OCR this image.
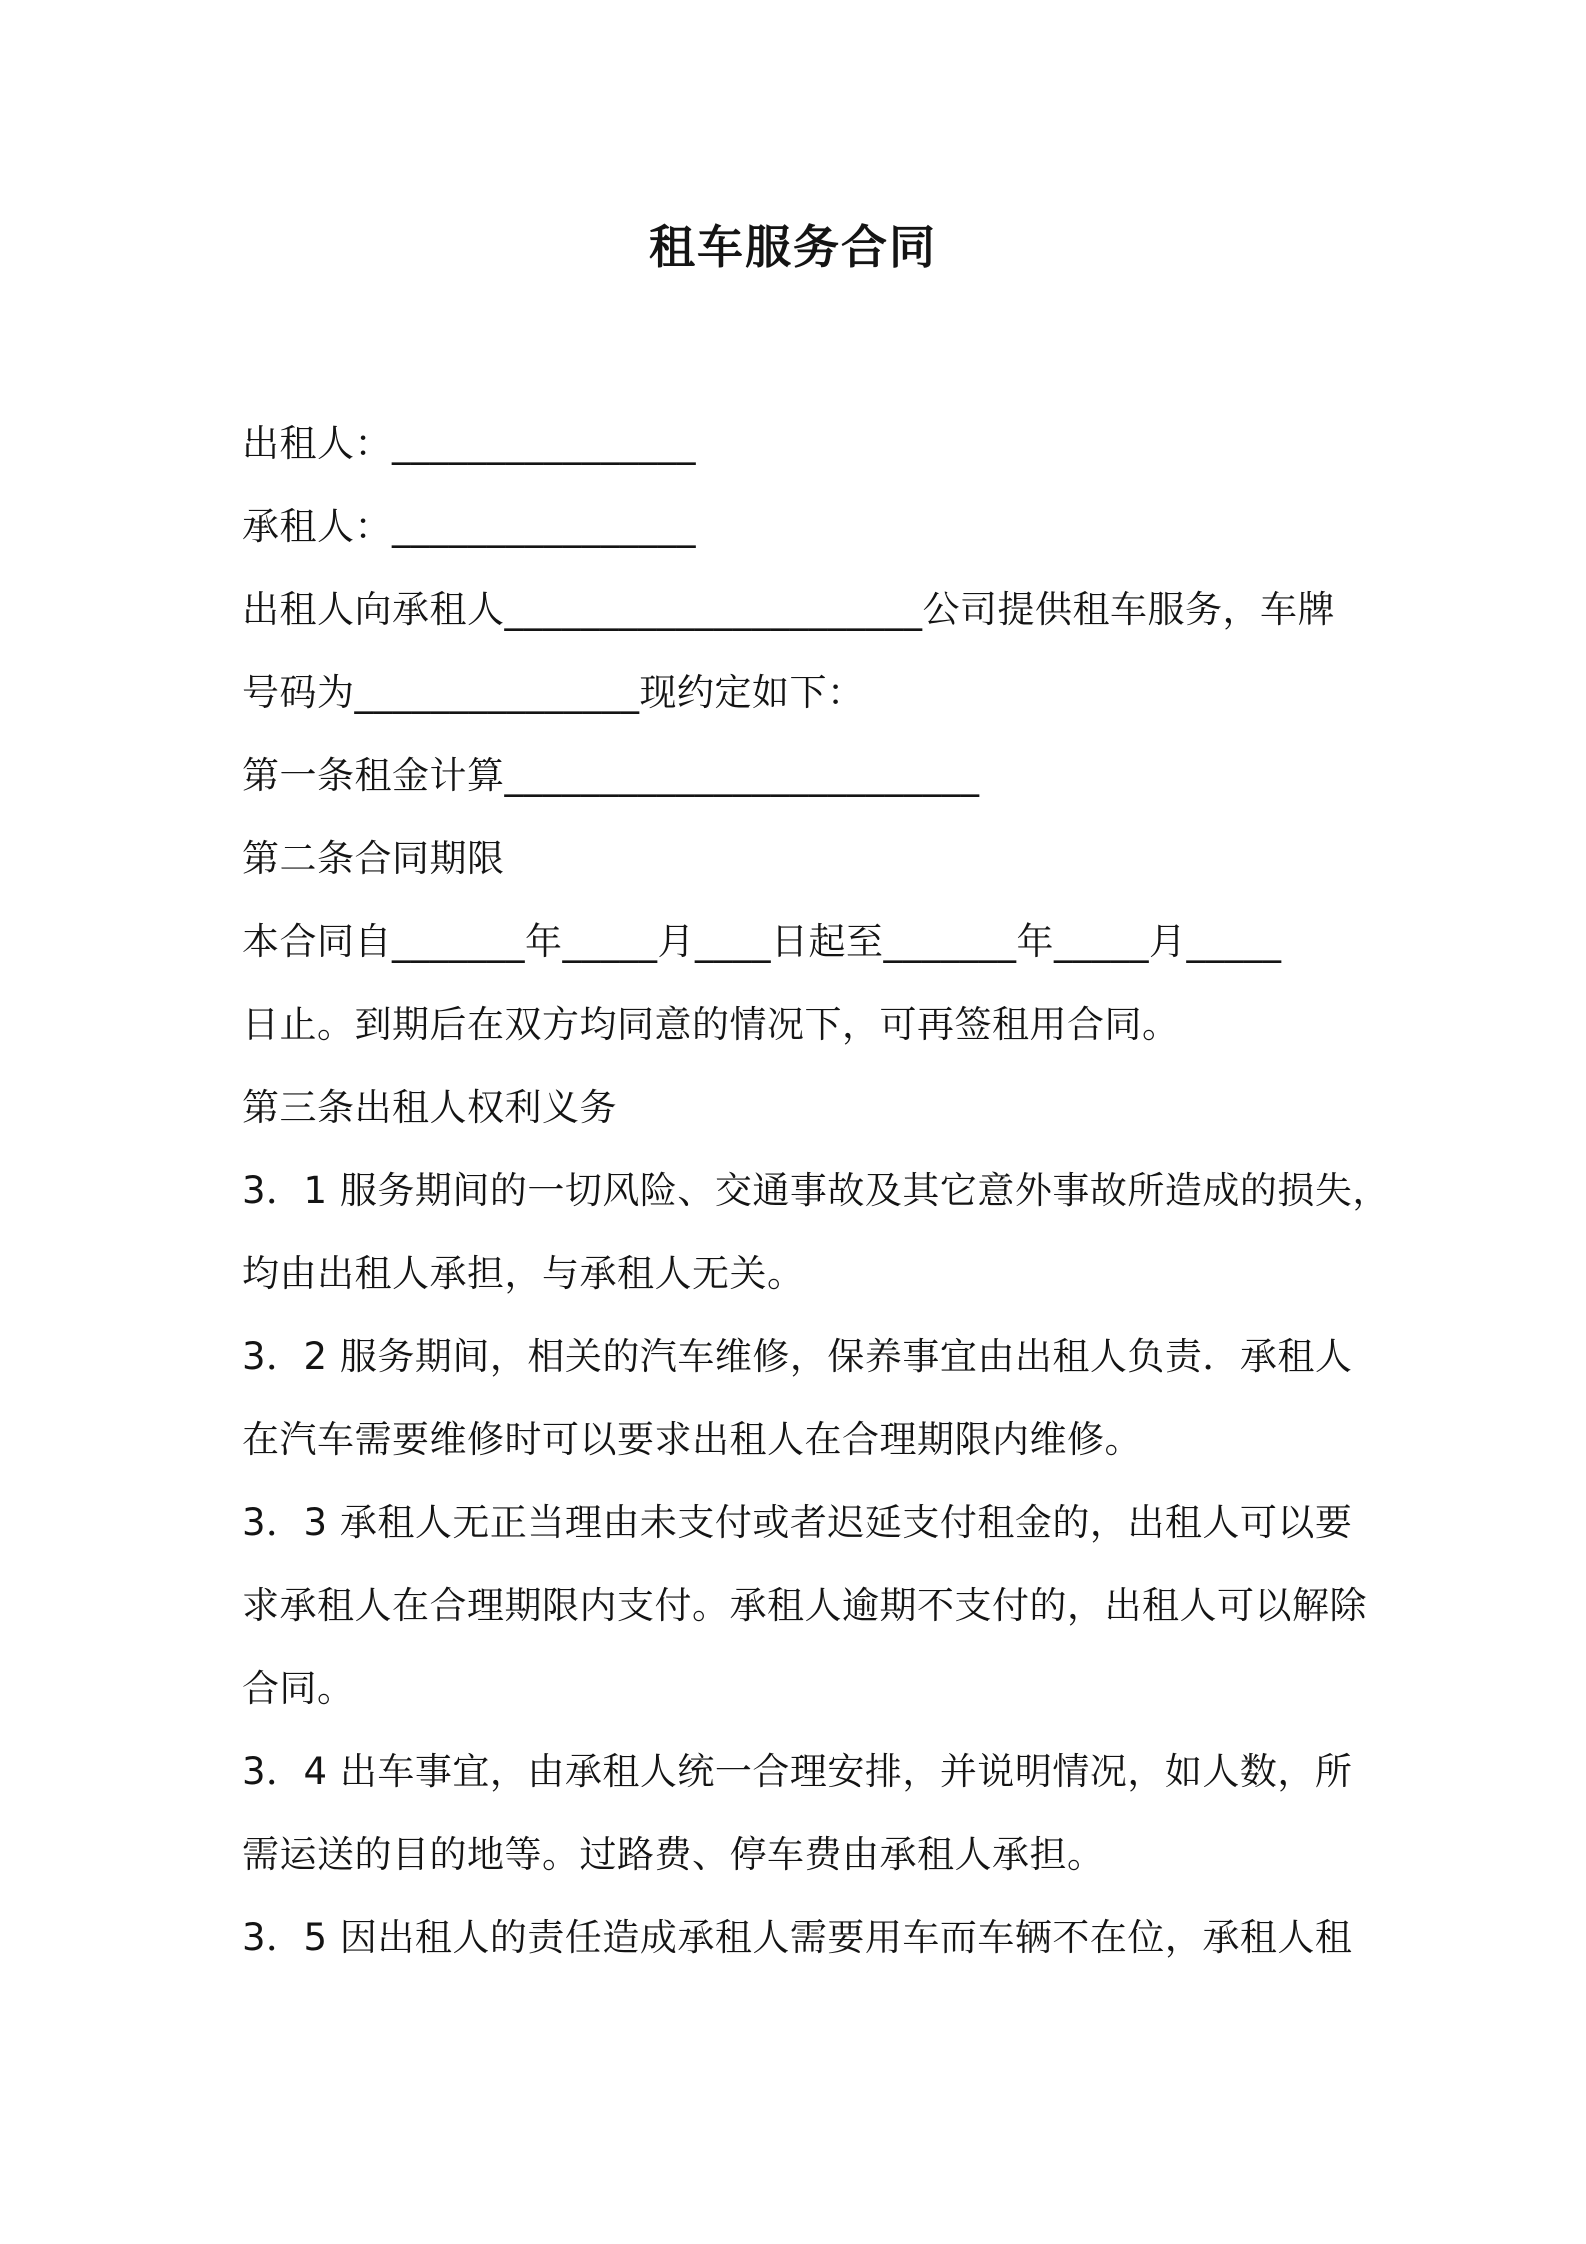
租车服务合同
出租人：________________
承租人：________________
出租人向承租人______________________公司提供租车服务，车牌
号码为_______________现约定如下：
第一条租金计算_________________________
第二条合同期限
本合同自_______年_____月____日起至_______年_____月_____
日止。到期后在双方均同意的情况下，可再签租用合同。
第三条出租人权利义务
3．1 服务期间的一切风险、交通事故及其它意外事故所造成的损失，
均由出租人承担，与承租人无关。
3．2 服务期间，相关的汽车维修，保养事宜由出租人负责．承租人
在汽车需要维修时可以要求出租人在合理期限内维修。
3．3 承租人无正当理由未支付或者迟延支付租金的，出租人可以要
求承租人在合理期限内支付。承租人逾期不支付的，出租人可以解除
合同。
3．4 出车事宜，由承租人统一合理安排，并说明情况，如人数，所
需运送的目的地等。过路费、停车费由承租人承担。
3．5 因出租人的责任造成承租人需要用车而车辆不在位，承租人租
